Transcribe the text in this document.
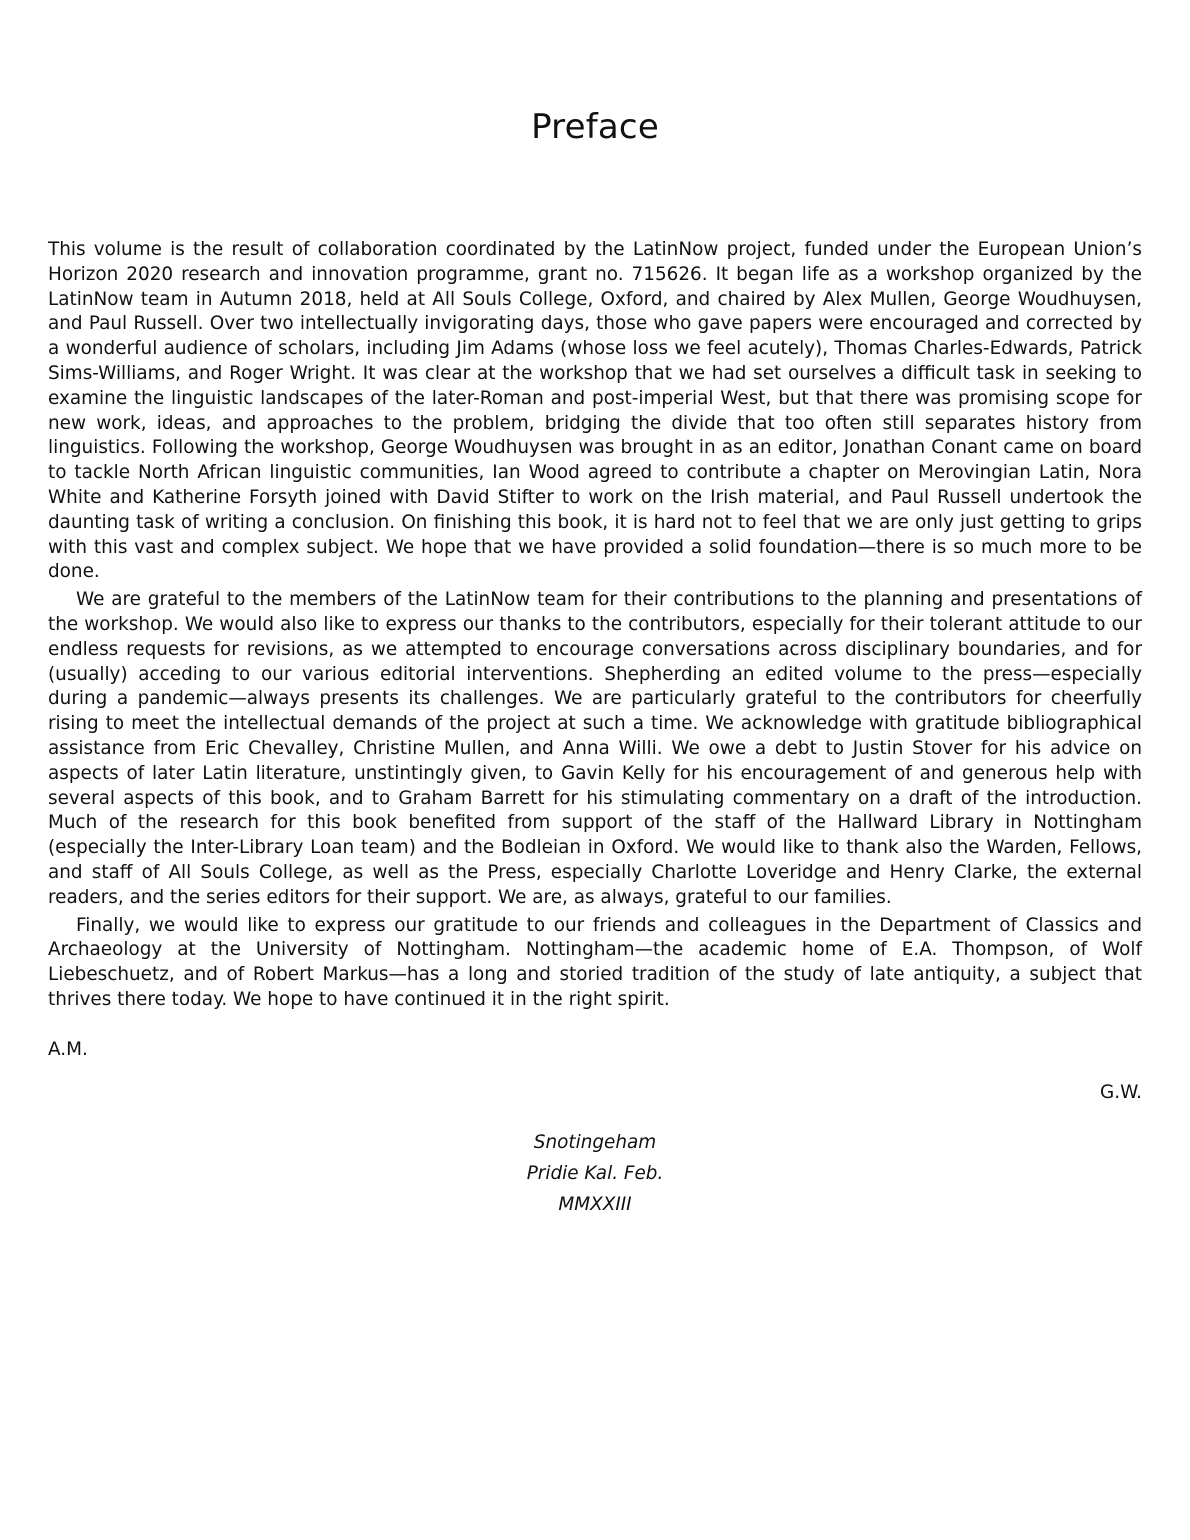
Preface

This volume is the result of collaboration coordinated by the LatinNow project, funded under the European Union’s Horizon 2020 research and innovation programme, grant no. 715626. It began life as a workshop organized by the LatinNow team in Autumn 2018, held at All Souls College, Oxford, and chaired by Alex Mullen, George Woudhuysen, and Paul Russell. Over two intellectually invigorating days, those who gave papers were encouraged and corrected by a wonderful audience of scholars, including Jim Adams (whose loss we feel acutely), Thomas Charles-Edwards, Patrick Sims-Williams, and Roger Wright. It was clear at the workshop that we had set ourselves a difficult task in seeking to examine the linguistic landscapes of the later-Roman and post-imperial West, but that there was promising scope for new work, ideas, and approaches to the problem, bridging the divide that too often still separates history from linguistics. Following the workshop, George Woudhuysen was brought in as an editor, Jonathan Conant came on board to tackle North African linguistic communities, Ian Wood agreed to contribute a chapter on Merovingian Latin, Nora White and Katherine Forsyth joined with David Stifter to work on the Irish material, and Paul Russell undertook the daunting task of writing a conclusion. On finishing this book, it is hard not to feel that we are only just getting to grips with this vast and complex subject. We hope that we have provided a solid foundation—there is so much more to be done.

We are grateful to the members of the LatinNow team for their contributions to the planning and presentations of the workshop. We would also like to express our thanks to the contributors, especially for their tolerant attitude to our endless requests for revisions, as we attempted to encourage conversations across disciplinary boundaries, and for (usually) acceding to our various editorial interventions. Shepherding an edited volume to the press—especially during a pandemic—always presents its challenges. We are particularly grateful to the contributors for cheerfully rising to meet the intellectual demands of the project at such a time. We acknowledge with gratitude bibliographical assistance from Eric Chevalley, Christine Mullen, and Anna Willi. We owe a debt to Justin Stover for his advice on aspects of later Latin literature, unstintingly given, to Gavin Kelly for his encouragement of and generous help with several aspects of this book, and to Graham Barrett for his stimulating commentary on a draft of the introduction. Much of the research for this book benefited from support of the staff of the Hallward Library in Nottingham (especially the Inter-Library Loan team) and the Bodleian in Oxford. We would like to thank also the Warden, Fellows, and staff of All Souls College, as well as the Press, especially Charlotte Loveridge and Henry Clarke, the external readers, and the series editors for their support. We are, as always, grateful to our families.

Finally, we would like to express our gratitude to our friends and colleagues in the Department of Classics and Archaeology at the University of Nottingham. Nottingham—the academic home of E.A. Thompson, of Wolf Liebeschuetz, and of Robert Markus—has a long and storied tradition of the study of late antiquity, a subject that thrives there today. We hope to have continued it in the right spirit.

A.M.
G.W.
Snotingeham
Pridie Kal. Feb.
MMXXIII
